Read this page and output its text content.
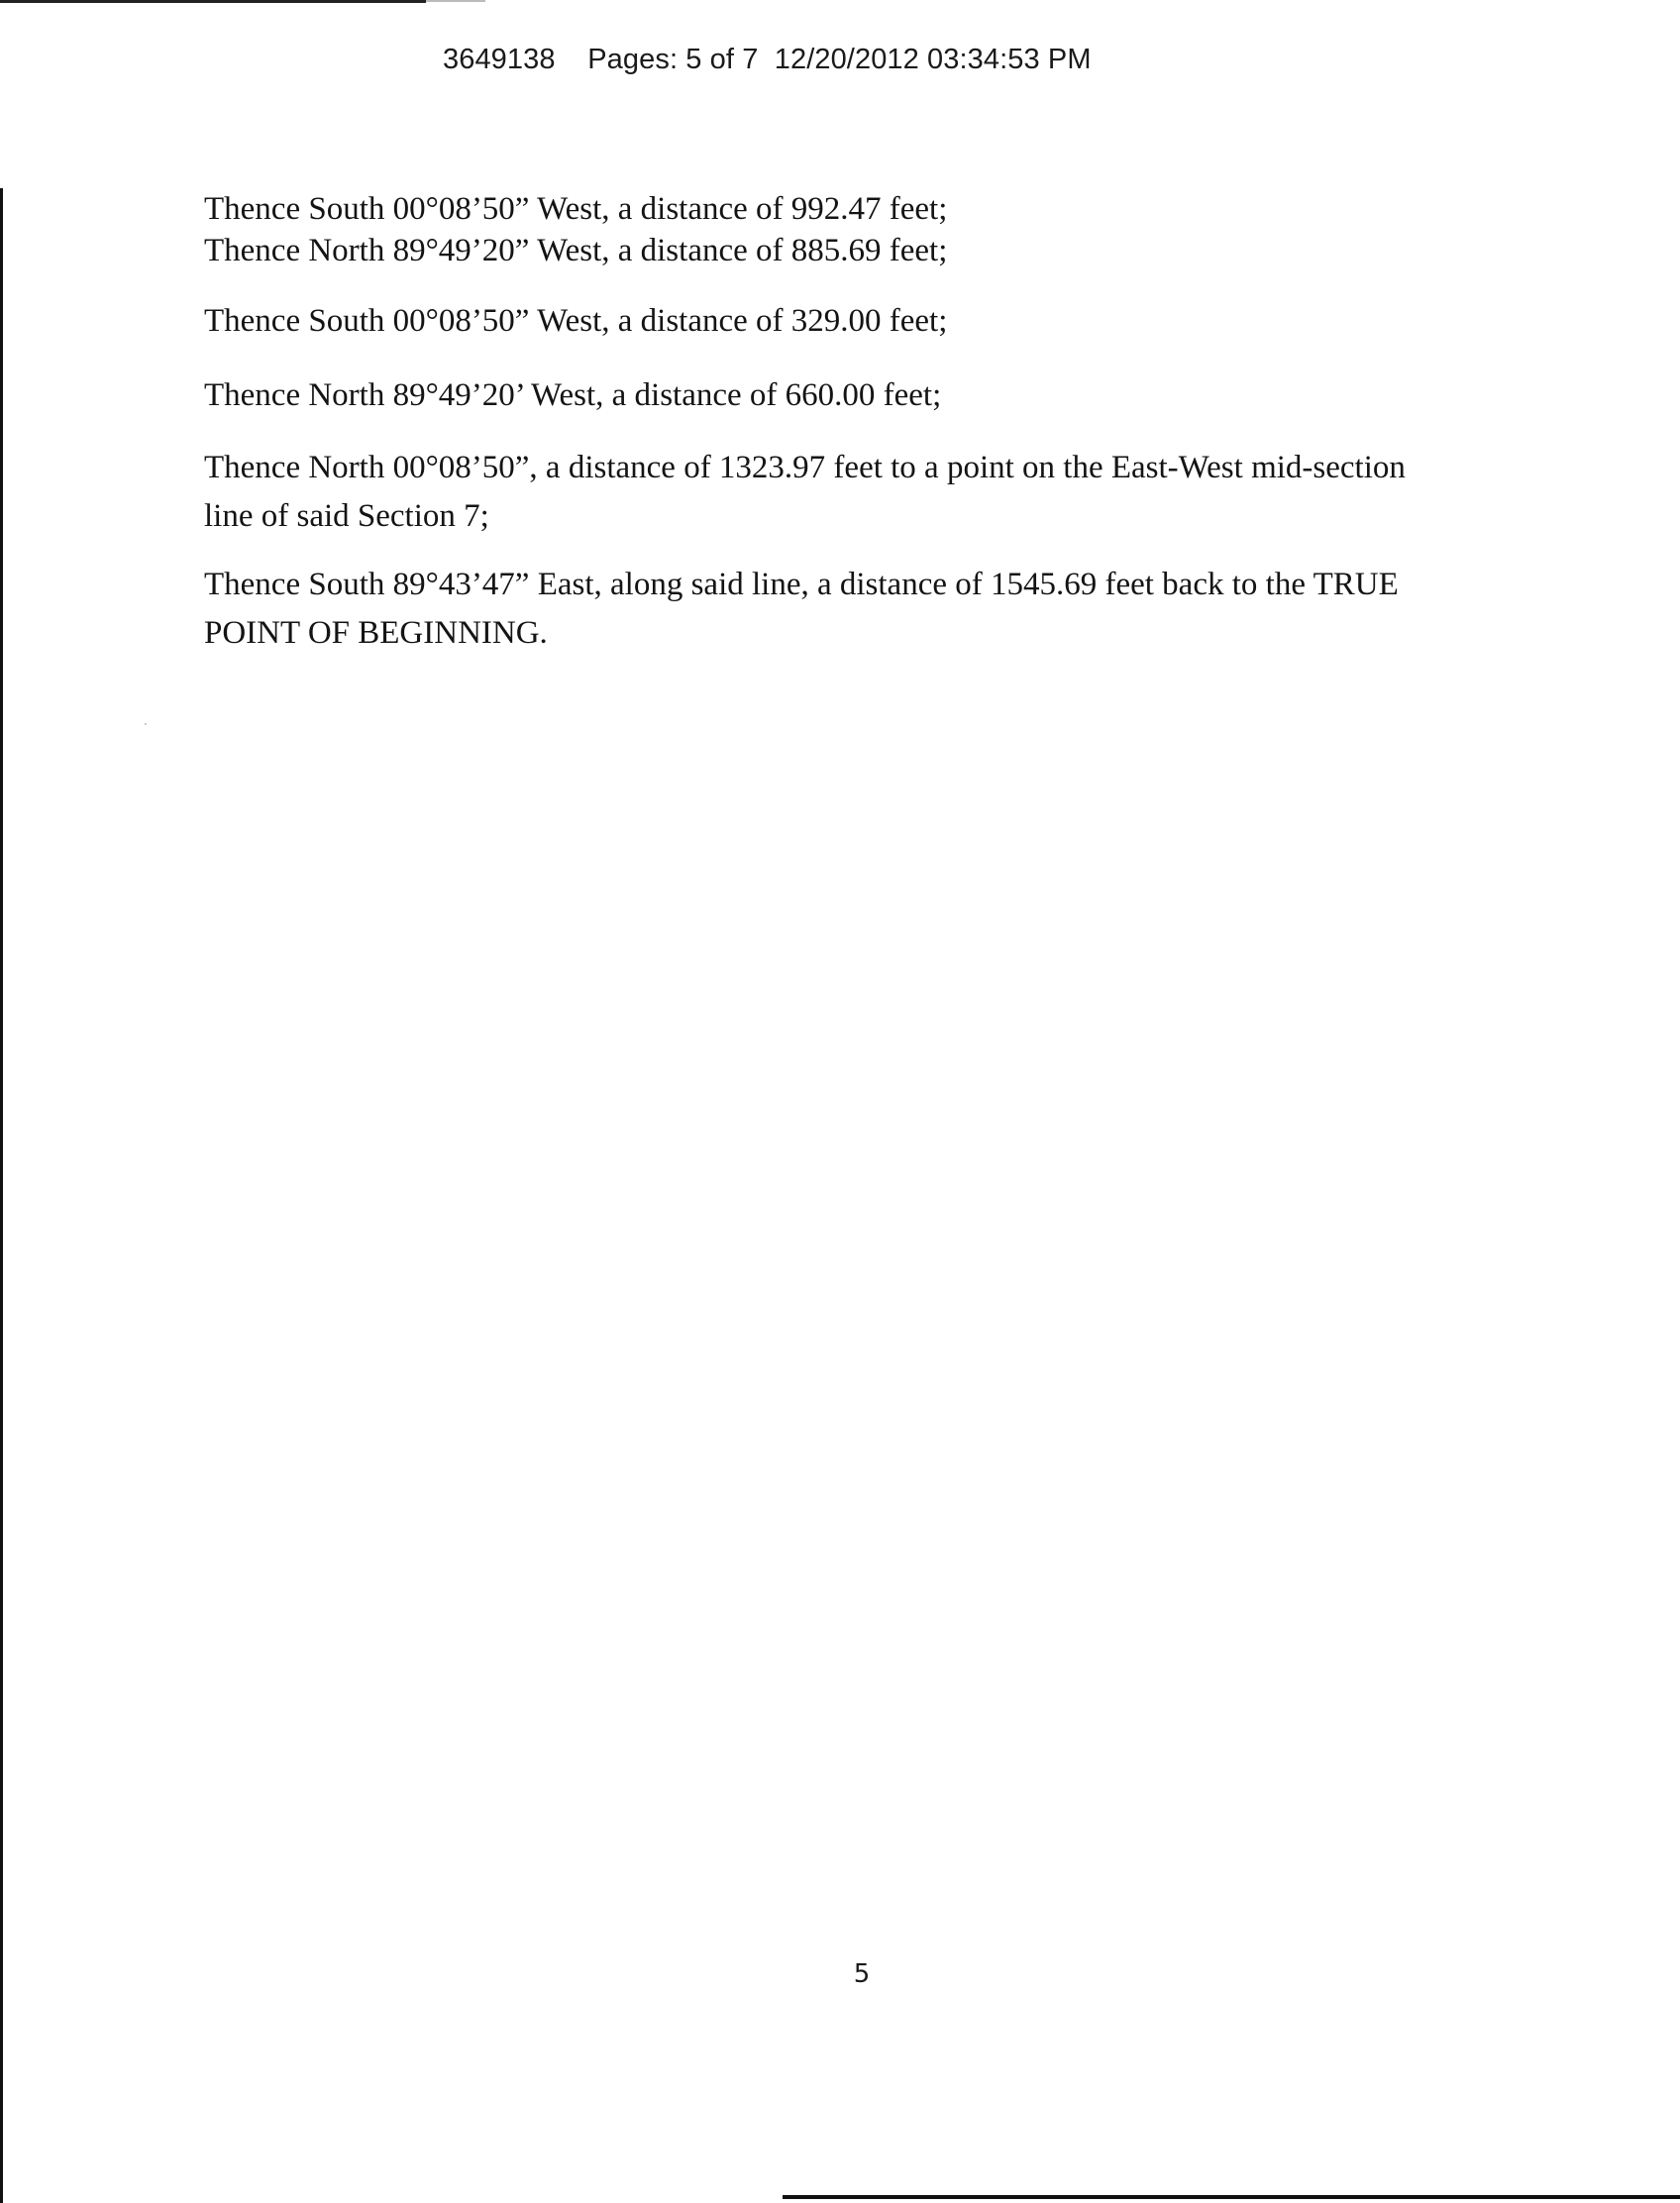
3649138    Pages: 5 of 7  12/20/2012 03:34:53 PM
Thence South 00°08’50” West, a distance of 992.47 feet;
Thence North 89°49’20” West, a distance of 885.69 feet;
Thence South 00°08’50” West, a distance of 329.00 feet;
Thence North 89°49’20’ West, a distance of 660.00 feet;
Thence North 00°08’50”, a distance of 1323.97 feet to a point on the East-West mid-section
line of said Section 7;
Thence South 89°43’47” East, along said line, a distance of 1545.69 feet back to the TRUE
POINT OF BEGINNING.
5
